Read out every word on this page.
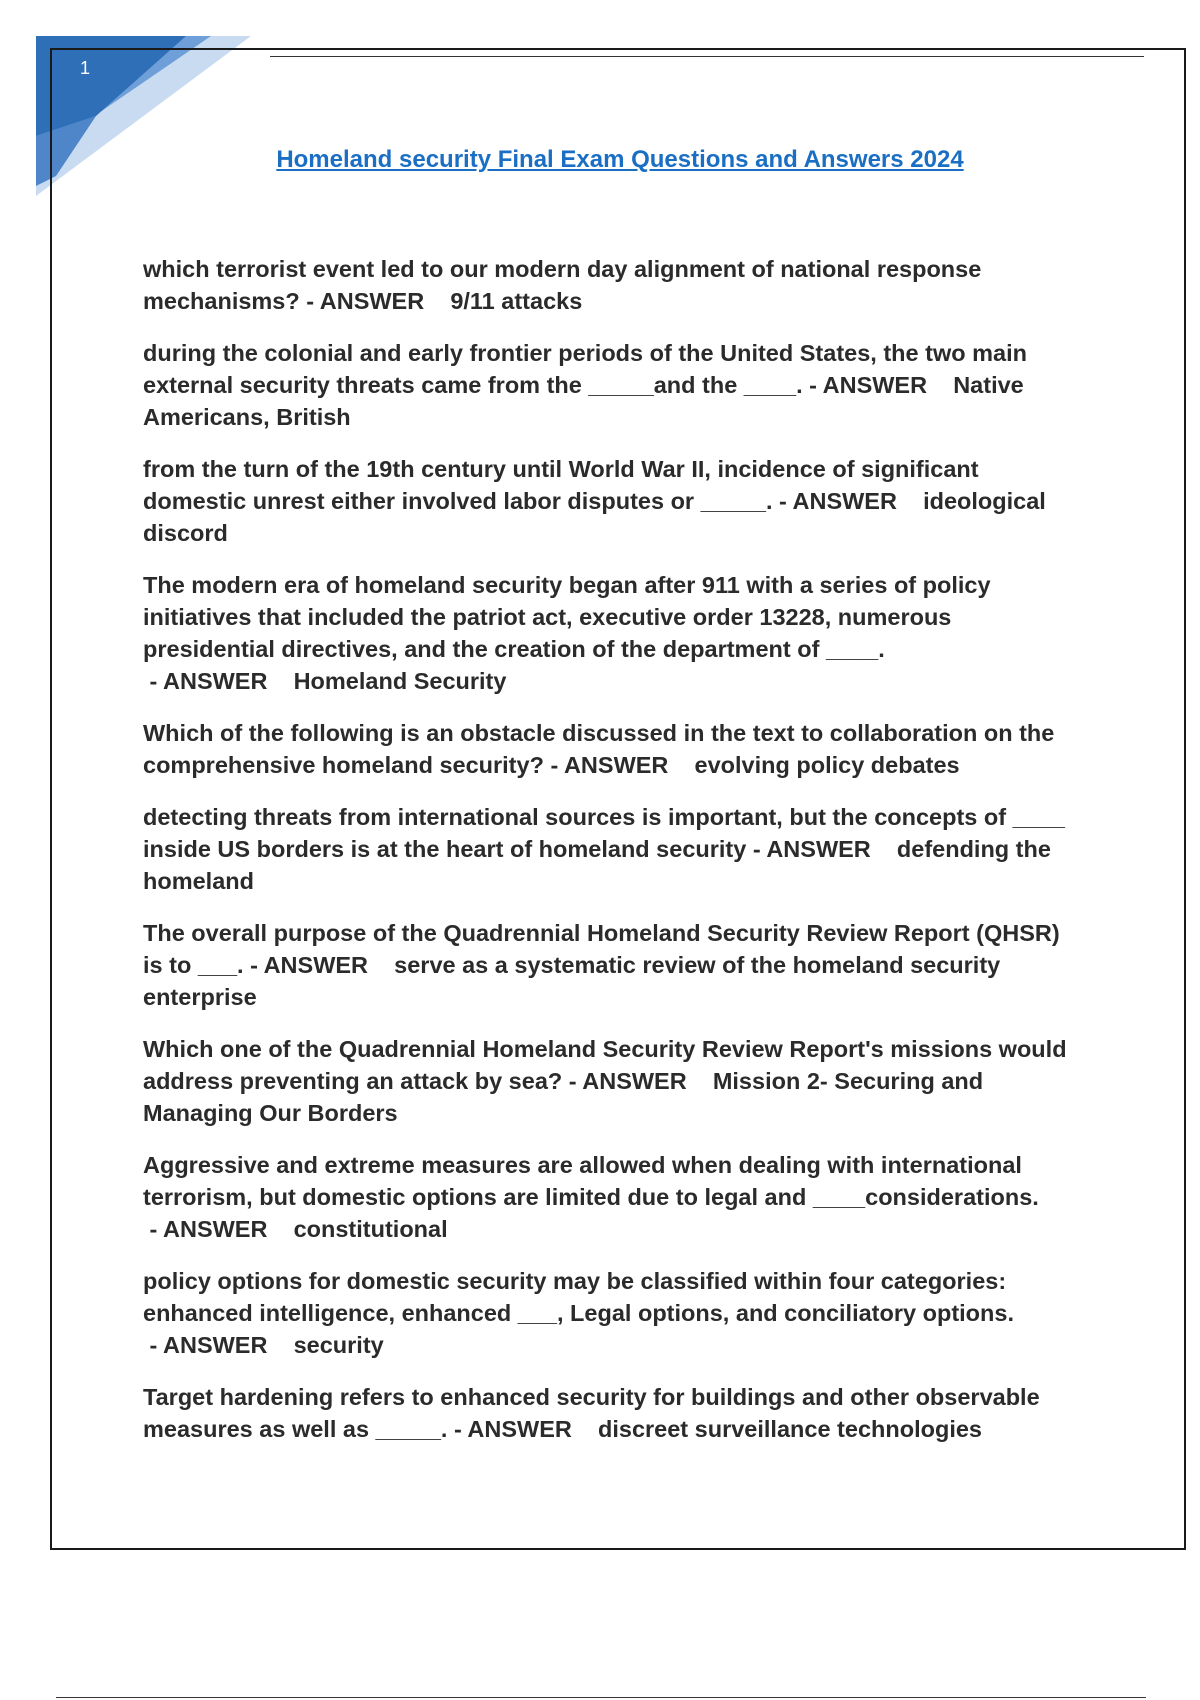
1
Homeland security Final Exam Questions and Answers 2024

which terrorist event led to our modern day alignment of national response mechanisms? - ANSWER    9/11 attacks

during the colonial and early frontier periods of the United States, the two main external security threats came from the _____and the ____. - ANSWER    Native Americans, British

from the turn of the 19th century until World War II, incidence of significant domestic unrest either involved labor disputes or _____. - ANSWER    ideological discord

The modern era of homeland security began after 911 with a series of policy initiatives that included the patriot act, executive order 13228, numerous presidential directives, and the creation of the department of ____. - ANSWER    Homeland Security

Which of the following is an obstacle discussed in the text to collaboration on the comprehensive homeland security? - ANSWER    evolving policy debates

detecting threats from international sources is important, but the concepts of ____ inside US borders is at the heart of homeland security - ANSWER    defending the homeland

The overall purpose of the Quadrennial Homeland Security Review Report (QHSR) is to ___. - ANSWER    serve as a systematic review of the homeland security enterprise

Which one of the Quadrennial Homeland Security Review Report's missions would address preventing an attack by sea? - ANSWER    Mission 2- Securing and Managing Our Borders

Aggressive and extreme measures are allowed when dealing with international terrorism, but domestic options are limited due to legal and ____considerations. - ANSWER    constitutional

policy options for domestic security may be classified within four categories: enhanced intelligence, enhanced ___, Legal options, and conciliatory options. - ANSWER    security

Target hardening refers to enhanced security for buildings and other observable measures as well as _____. - ANSWER    discreet surveillance technologies
